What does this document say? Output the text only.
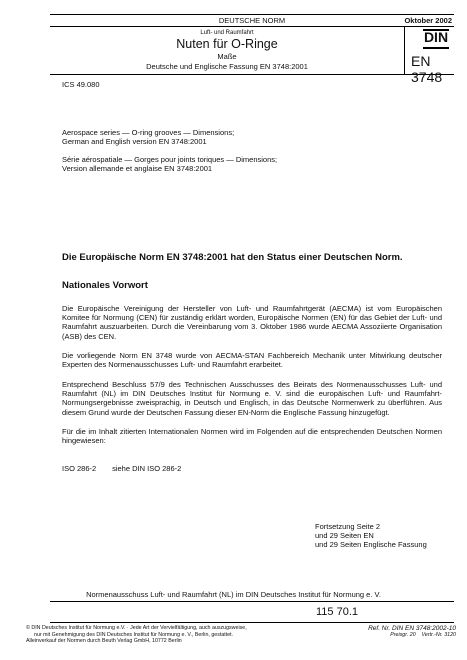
DEUTSCHE NORM	Oktober 2002
Luft- und Raumfahrt
Nuten für O-Ringe
Maße
Deutsche und Englische Fassung EN 3748:2001
DIN
EN 3748
ICS 49.080
Aerospace series — O-ring grooves — Dimensions;
German and English version EN 3748:2001
Série aérospatiale — Gorges pour joints toriques — Dimensions;
Version allemande et anglaise EN 3748:2001
Die Europäische Norm EN 3748:2001 hat den Status einer Deutschen Norm.
Nationales Vorwort
Die Europäische Vereinigung der Hersteller von Luft- und Raumfahrtgerät (AECMA) ist vom Europäischen Komitee für Normung (CEN) für zuständig erklärt worden, Europäische Normen (EN) für das Gebiet der Luft- und Raumfahrt auszuarbeiten. Durch die Vereinbarung vom 3. Oktober 1986 wurde AECMA Assoziierte Organisation (ASB) des CEN.
Die vorliegende Norm EN 3748 wurde von AECMA-STAN Fachbereich Mechanik unter Mitwirkung deutscher Experten des Normenausschusses Luft- und Raumfahrt erarbeitet.
Entsprechend Beschluss 57/9 des Technischen Ausschusses des Beirats des Normenausschusses Luft- und Raumfahrt (NL) im DIN Deutsches Institut für Normung e. V. sind die europäischen Luft- und Raumfahrt-Normungsergebnisse zweisprachig, in Deutsch und Englisch, in das Deutsche Normenwerk zu überführen. Aus diesem Grund wurde der Deutschen Fassung dieser EN-Norm die Englische Fassung hinzugefügt.
Für die im Inhalt zitierten Internationalen Normen wird im Folgenden auf die entsprechenden Deutschen Normen hingewiesen:
ISO 286-2 siehe DIN ISO 286-2
Fortsetzung Seite 2
und 29 Seiten EN
und 29 Seiten Englische Fassung
Normenausschuss Luft- und Raumfahrt (NL) im DIN Deutsches Institut für Normung e. V.
115 70.1
© DIN Deutsches Institut für Normung e.V. · Jede Art der Vervielfältigung, auch auszugsweise,
nur mit Genehmigung des DIN Deutsches Institut für Normung e. V., Berlin, gestattet.
Alleinverkauf der Normen durch Beuth Verlag GmbH, 10772 Berlin
Ref. Nr. DIN EN 3748:2002-10
Preisgr. 20 Vertr.-Nr. 3120
